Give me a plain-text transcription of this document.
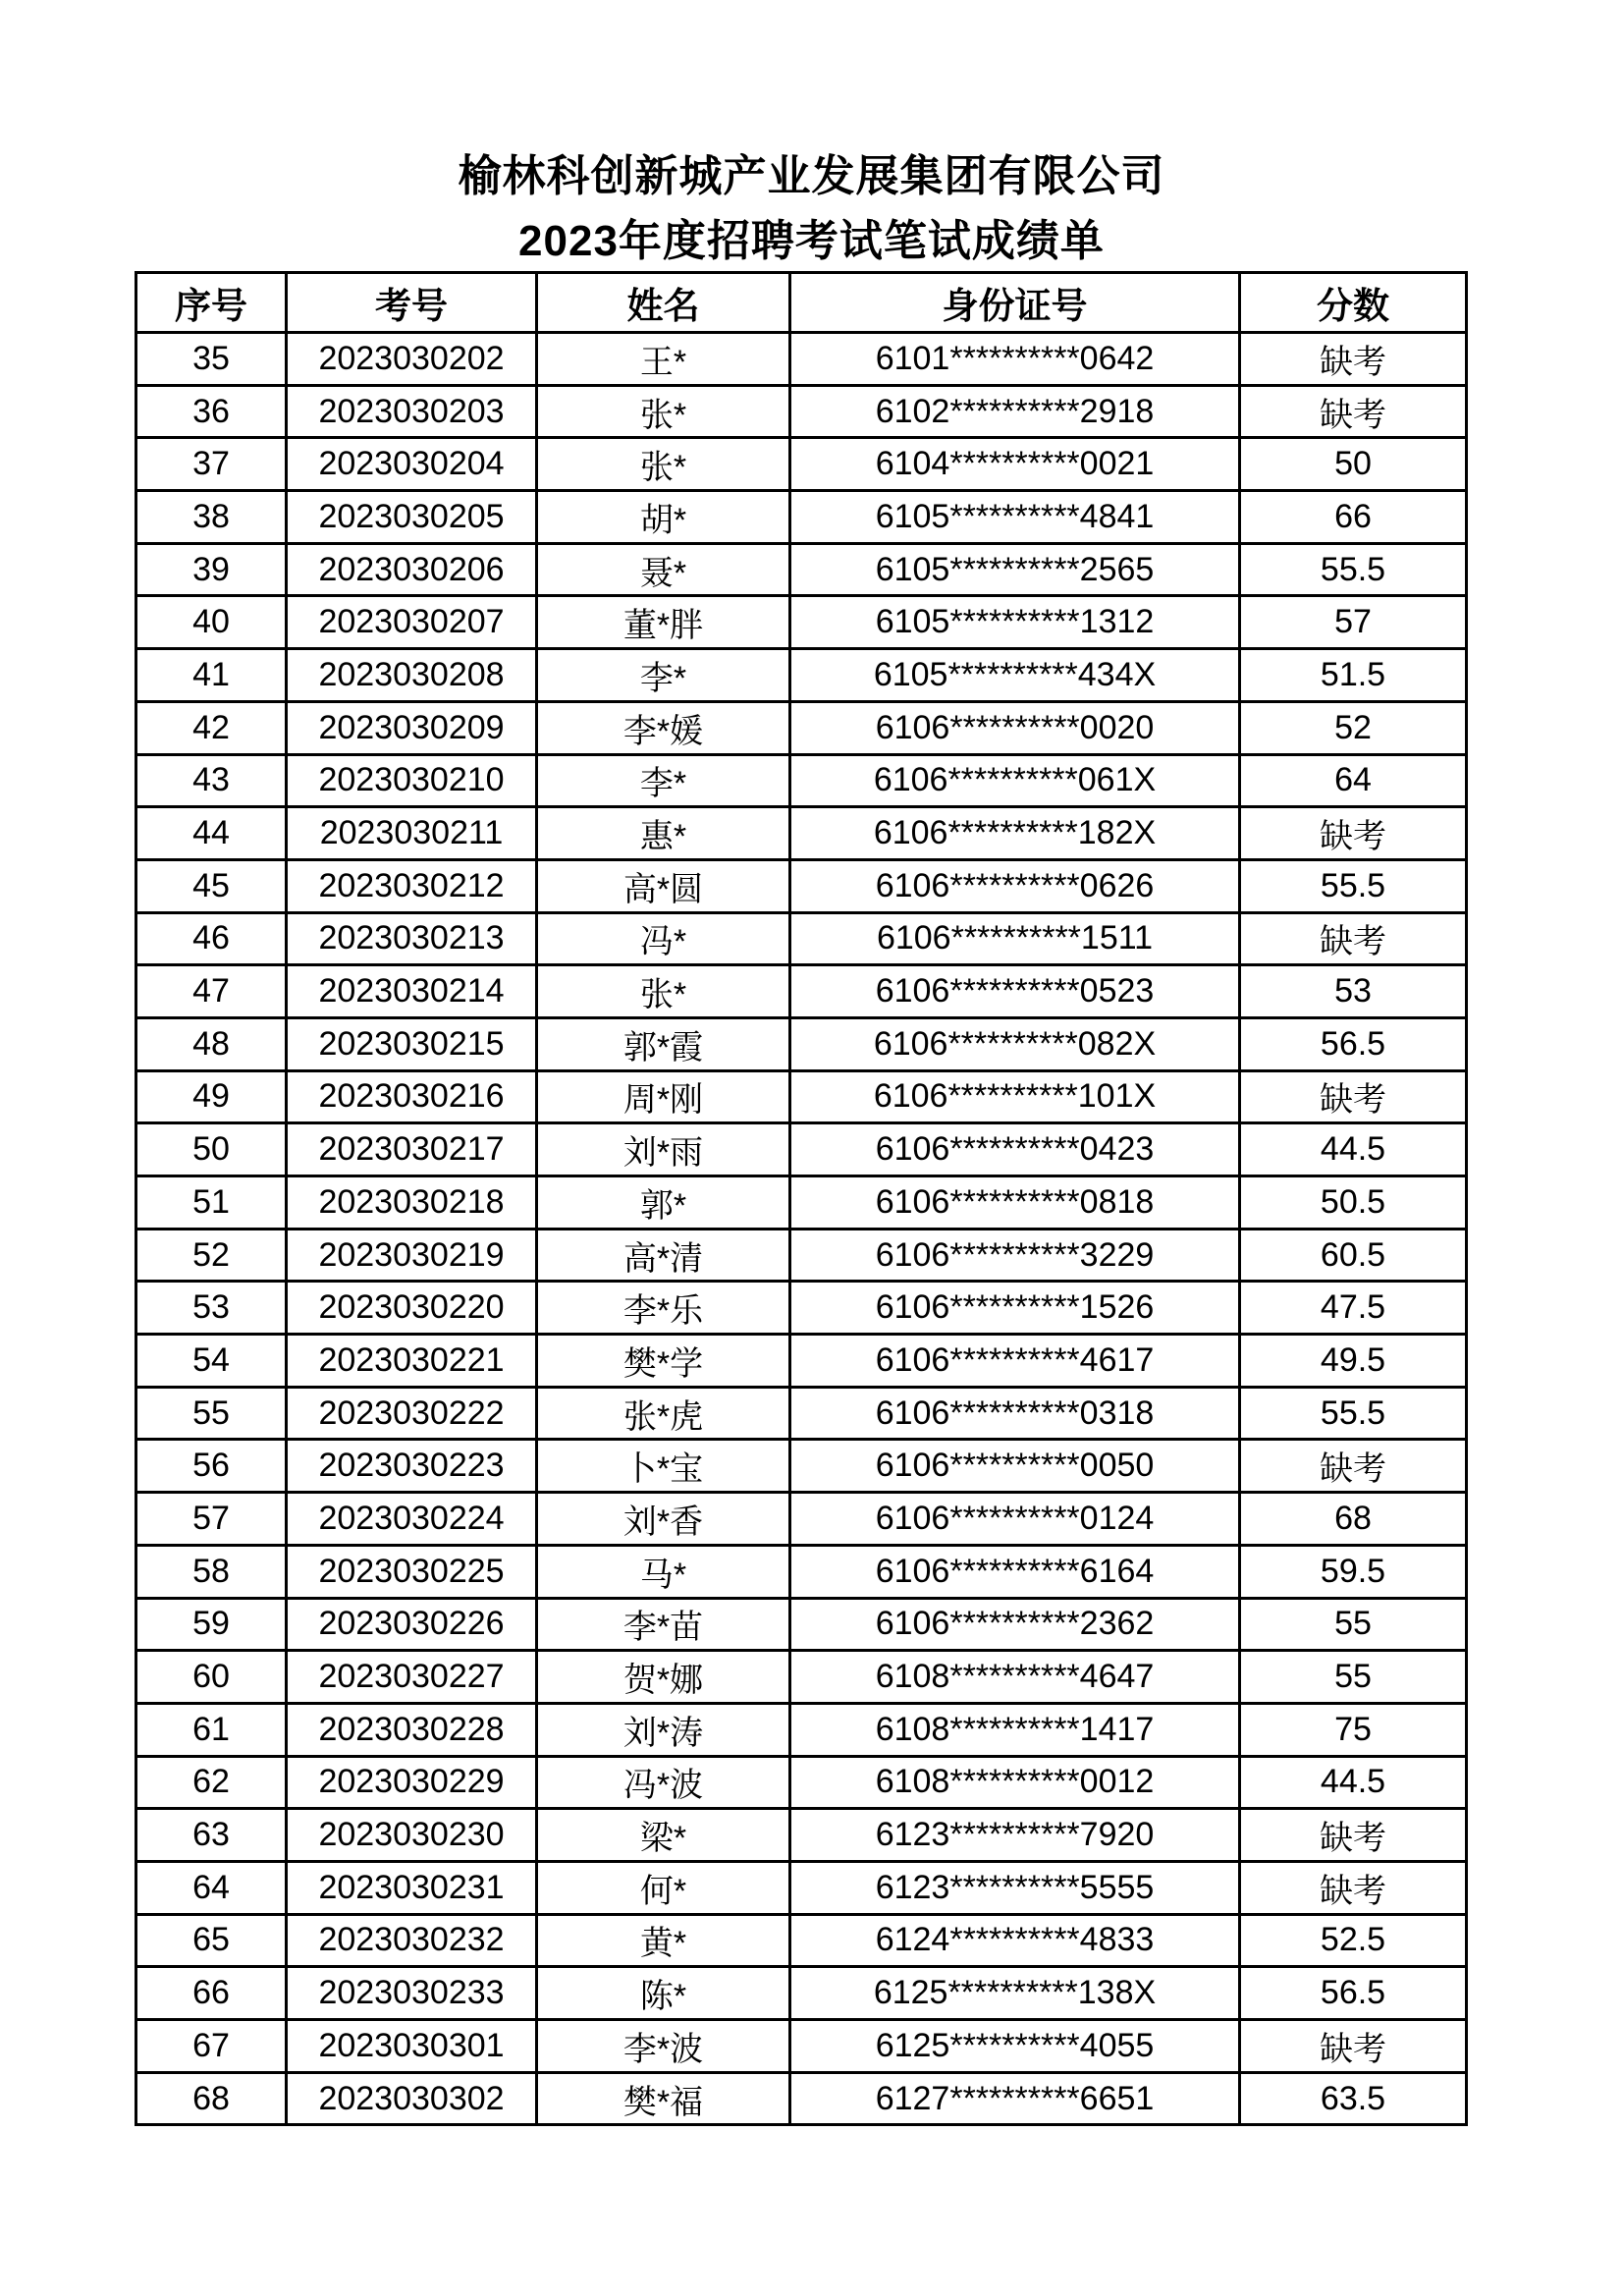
榆林科创新城产业发展集团有限公司
2023年度招聘考试笔试成绩单
序号	考号	姓名	身份证号	分数
35	2023030202	王*	6101**********0642	缺考
36	2023030203	张*	6102**********2918	缺考
37	2023030204	张*	6104**********0021	50
38	2023030205	胡*	6105**********4841	66
39	2023030206	聂*	6105**********2565	55.5
40	2023030207	董*胖	6105**********1312	57
41	2023030208	李*	6105**********434X	51.5
42	2023030209	李*媛	6106**********0020	52
43	2023030210	李*	6106**********061X	64
44	2023030211	惠*	6106**********182X	缺考
45	2023030212	高*圆	6106**********0626	55.5
46	2023030213	冯*	6106**********1511	缺考
47	2023030214	张*	6106**********0523	53
48	2023030215	郭*霞	6106**********082X	56.5
49	2023030216	周*刚	6106**********101X	缺考
50	2023030217	刘*雨	6106**********0423	44.5
51	2023030218	郭*	6106**********0818	50.5
52	2023030219	高*清	6106**********3229	60.5
53	2023030220	李*乐	6106**********1526	47.5
54	2023030221	樊*学	6106**********4617	49.5
55	2023030222	张*虎	6106**********0318	55.5
56	2023030223	卜*宝	6106**********0050	缺考
57	2023030224	刘*香	6106**********0124	68
58	2023030225	马*	6106**********6164	59.5
59	2023030226	李*苗	6106**********2362	55
60	2023030227	贺*娜	6108**********4647	55
61	2023030228	刘*涛	6108**********1417	75
62	2023030229	冯*波	6108**********0012	44.5
63	2023030230	梁*	6123**********7920	缺考
64	2023030231	何*	6123**********5555	缺考
65	2023030232	黄*	6124**********4833	52.5
66	2023030233	陈*	6125**********138X	56.5
67	2023030301	李*波	6125**********4055	缺考
68	2023030302	樊*福	6127**********6651	63.5
